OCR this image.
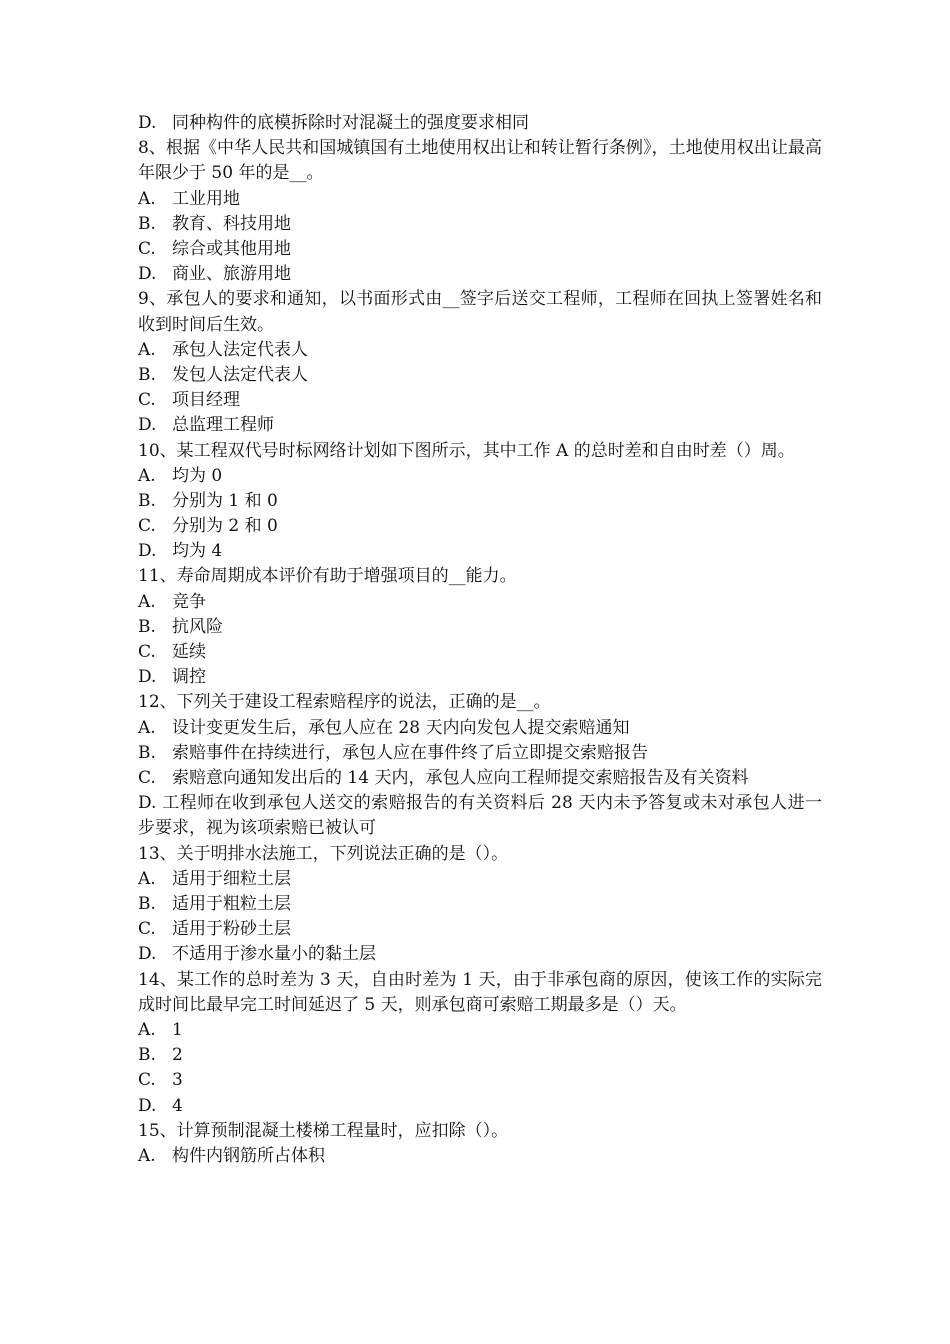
D. 同种构件的底模拆除时对混凝土的强度要求相同

8、根据《中华人民共和国城镇国有土地使用权出让和转让暂行条例》，土地使用权出让最高年限少于 50 年的是__。

A. 工业用地
B. 教育、科技用地
C. 综合或其他用地
D. 商业、旅游用地

9、承包人的要求和通知，以书面形式由__签字后送交工程师，工程师在回执上签署姓名和收到时间后生效。

A. 承包人法定代表人
B. 发包人法定代表人
C. 项目经理
D. 总监理工程师

10、某工程双代号时标网络计划如下图所示，其中工作 A 的总时差和自由时差（）周。

A. 均为 0
B. 分别为 1 和 0
C. 分别为 2 和 0
D. 均为 4

11、寿命周期成本评价有助于增强项目的__能力。

A. 竞争
B. 抗风险
C. 延续
D. 调控

12、下列关于建设工程索赔程序的说法，正确的是__。

A. 设计变更发生后，承包人应在 28 天内向发包人提交索赔通知
B. 索赔事件在持续进行，承包人应在事件终了后立即提交索赔报告
C. 索赔意向通知发出后的 14 天内，承包人应向工程师提交索赔报告及有关资料

D. 工程师在收到承包人送交的索赔报告的有关资料后 28 天内未予答复或未对承包人进一步要求，视为该项索赔已被认可

13、关于明排水法施工，下列说法正确的是（）。

A. 适用于细粒土层
B. 适用于粗粒土层
C. 适用于粉砂土层
D. 不适用于渗水量小的黏土层

14、某工作的总时差为 3 天，自由时差为 1 天，由于非承包商的原因，使该工作的实际完成时间比最早完工时间延迟了 5 天，则承包商可索赔工期最多是（）天。

A. 1
B. 2
C. 3
D. 4

15、计算预制混凝土楼梯工程量时，应扣除（）。

A. 构件内钢筋所占体积
